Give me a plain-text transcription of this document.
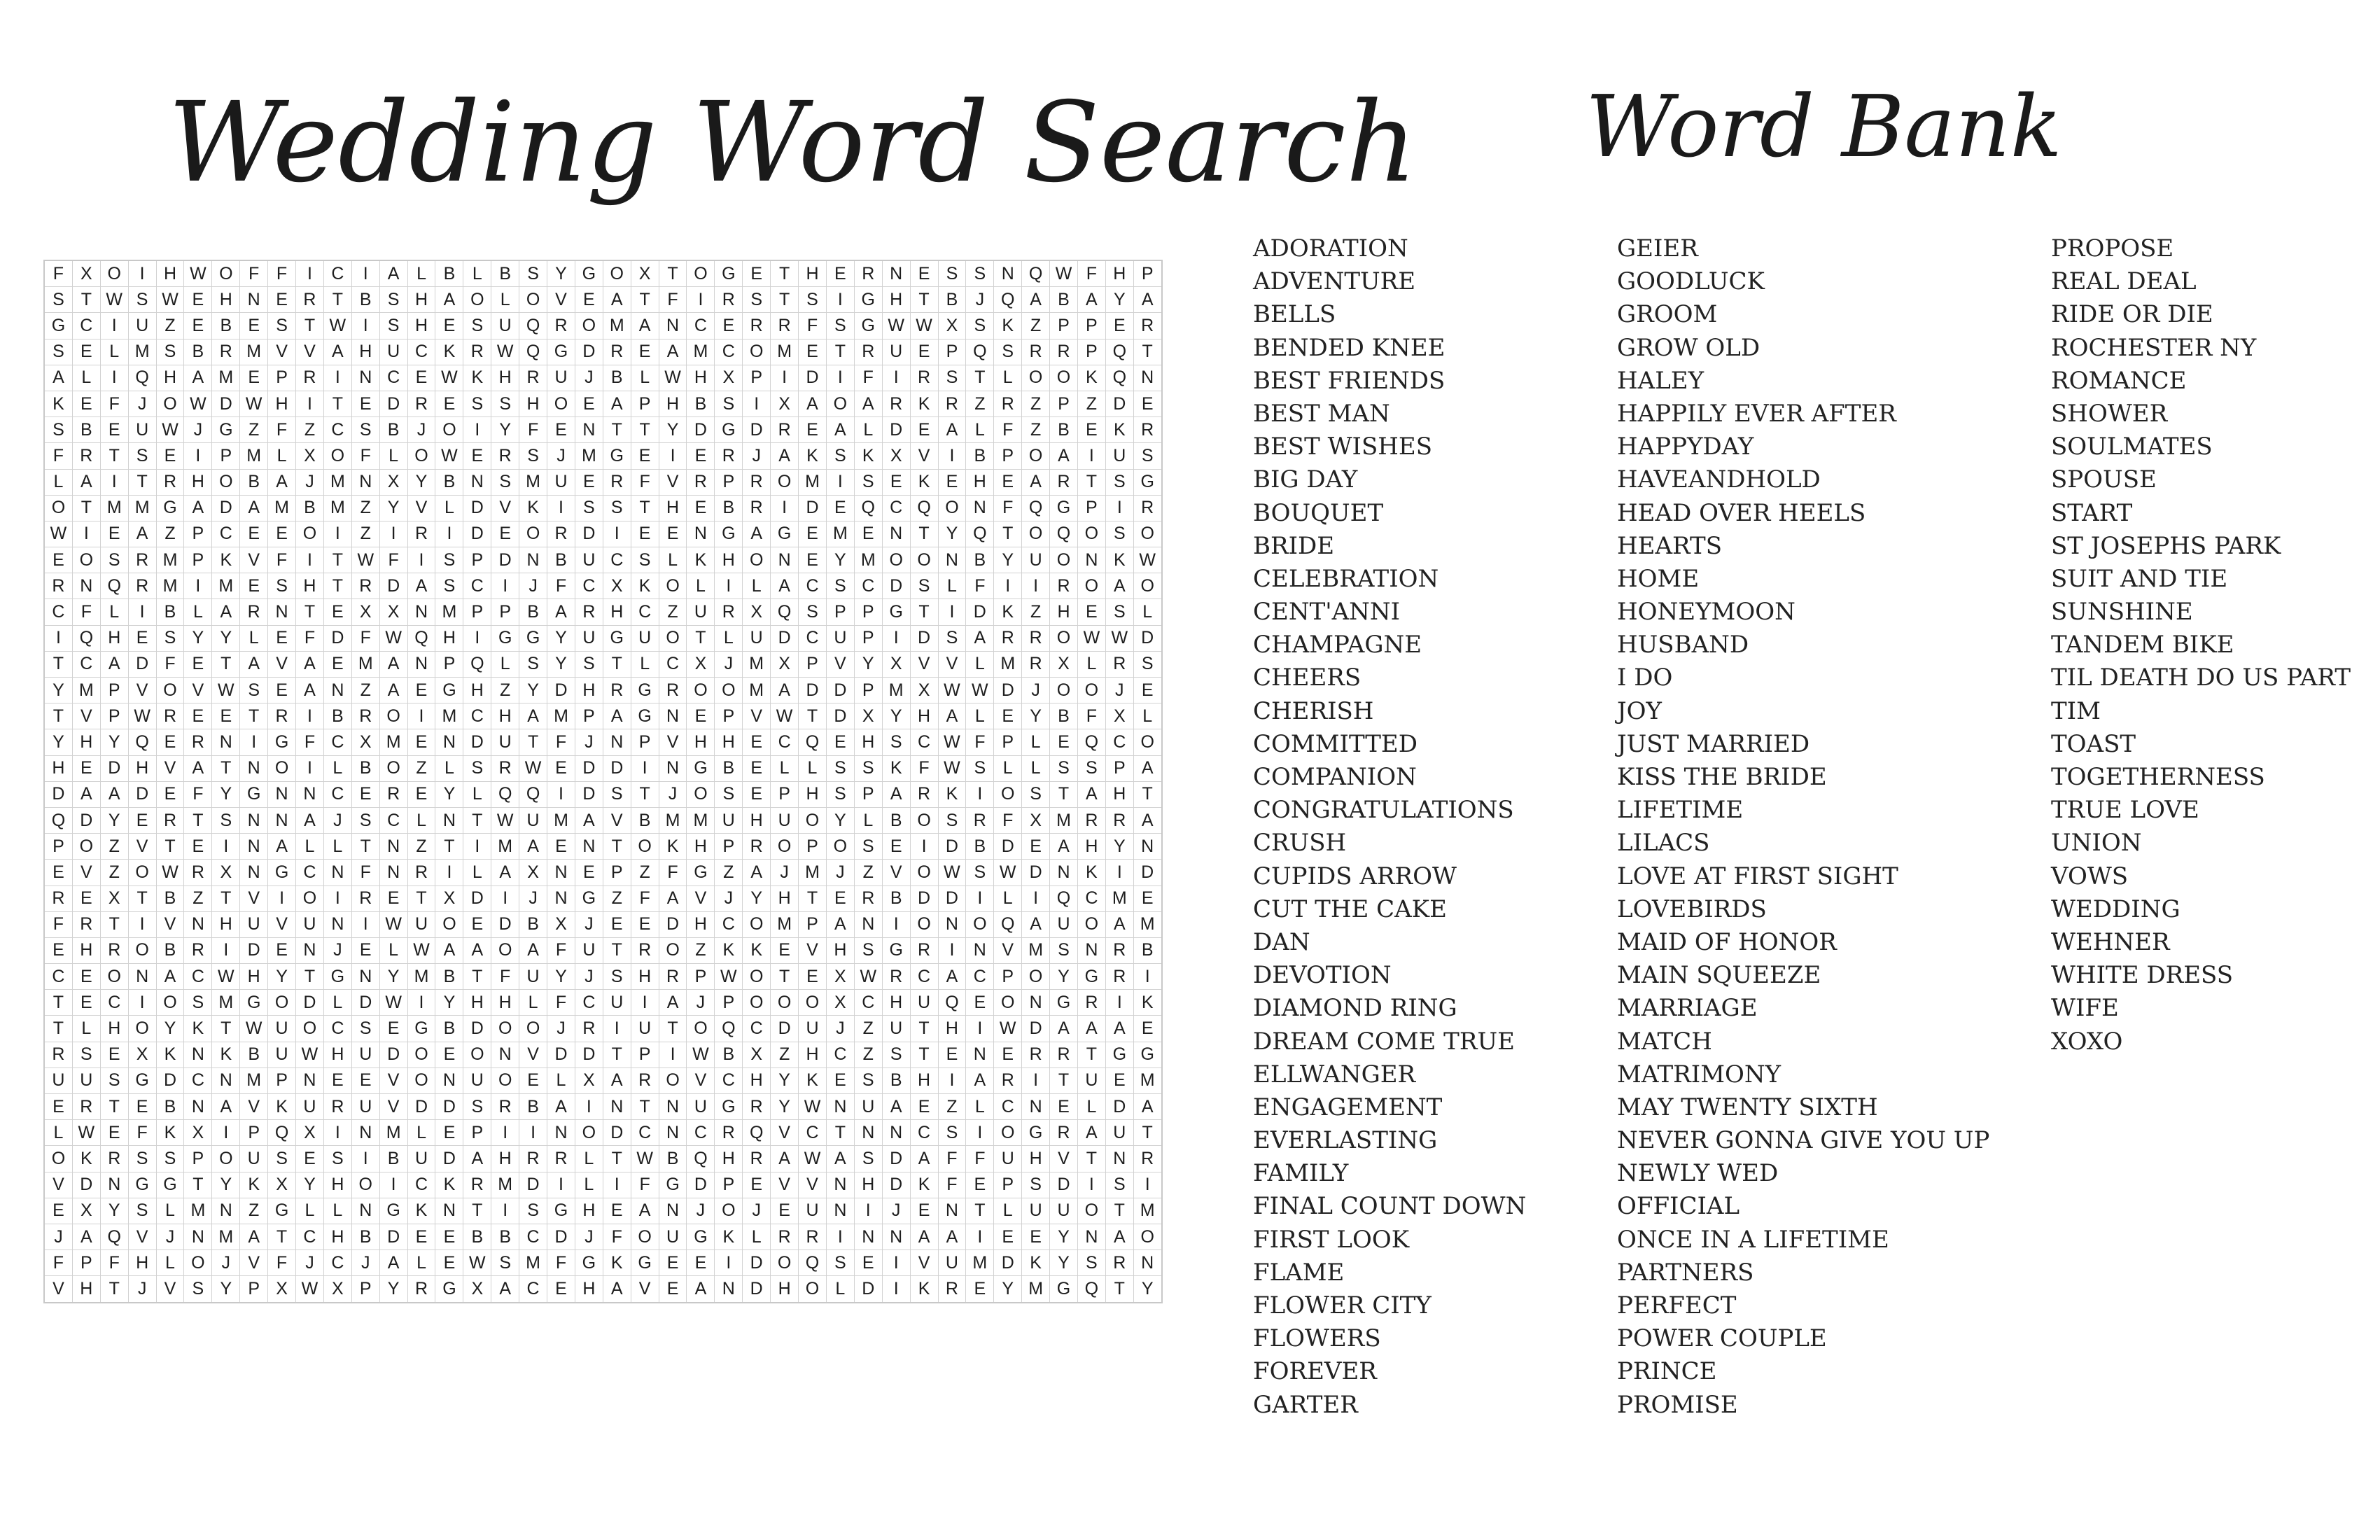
Wedding Word Search Word Bank
F	X	O	I	H	W	O	F	F	I	C	I	A	L	B	L	B	S	Y	G	O	X	T	O	G	E	T	H	E	R	N	E	S	S	N	Q	W	F	H	P
S	T	W	S	W	E	H	N	E	R	T	B	S	H	A	O	L	O	V	E	A	T	F	I	R	S	T	S	I	G	H	T	B	J	Q	A	B	A	Y	A
G	C	I	U	Z	E	B	E	S	T	W	I	S	H	E	S	U	Q	R	O	M	A	N	C	E	R	R	F	S	G	W	W	X	S	K	Z	P	P	E	R
S	E	L	M	S	B	R	M	V	V	A	H	U	C	K	R	W	Q	G	D	R	E	A	M	C	O	M	E	T	R	U	E	P	Q	S	R	R	P	Q	T
A	L	I	Q	H	A	M	E	P	R	I	N	C	E	W	K	H	R	U	J	B	L	W	H	X	P	I	D	I	F	I	R	S	T	L	O	O	K	Q	N
K	E	F	J	O	W	D	W	H	I	T	E	D	R	E	S	S	H	O	E	A	P	H	B	S	I	X	A	O	A	R	K	R	Z	R	Z	P	Z	D	E
S	B	E	U	W	J	G	Z	F	Z	C	S	B	J	O	I	Y	F	E	N	T	T	Y	D	G	D	R	E	A	L	D	E	A	L	F	Z	B	E	K	R
F	R	T	S	E	I	P	M	L	X	O	F	L	O	W	E	R	S	J	M	G	E	I	E	R	J	A	K	S	K	X	V	I	B	P	O	A	I	U	S
L	A	I	T	R	H	O	B	A	J	M	N	X	Y	B	N	S	M	U	E	R	F	V	R	P	R	O	M	I	S	E	K	E	H	E	A	R	T	S	G
O	T	M	M	G	A	D	A	M	B	M	Z	Y	V	L	D	V	K	I	S	S	T	H	E	B	R	I	D	E	Q	C	Q	O	N	F	Q	G	P	I	R
W	I	E	A	Z	P	C	E	E	O	I	Z	I	R	I	D	E	O	R	D	I	E	E	N	G	A	G	E	M	E	N	T	Y	Q	T	O	Q	O	S	O
E	O	S	R	M	P	K	V	F	I	T	W	F	I	S	P	D	N	B	U	C	S	L	K	H	O	N	E	Y	M	O	O	N	B	Y	U	O	N	K	W
R	N	Q	R	M	I	M	E	S	H	T	R	D	A	S	C	I	J	F	C	X	K	O	L	I	L	A	C	S	C	D	S	L	F	I	I	R	O	A	O
C	F	L	I	B	L	A	R	N	T	E	X	X	N	M	P	P	B	A	R	H	C	Z	U	R	X	Q	S	P	P	G	T	I	D	K	Z	H	E	S	L
I	Q	H	E	S	Y	Y	L	E	F	D	F	W	Q	H	I	G	G	Y	U	G	U	O	T	L	U	D	C	U	P	I	D	S	A	R	R	O	W	W	D
T	C	A	D	F	E	T	A	V	A	E	M	A	N	P	Q	L	S	Y	S	T	L	C	X	J	M	X	P	V	Y	X	V	V	L	M	R	X	L	R	S
Y	M	P	V	O	V	W	S	E	A	N	Z	A	E	G	H	Z	Y	D	H	R	G	R	O	O	M	A	D	D	P	M	X	W	W	D	J	O	O	J	E
T	V	P	W	R	E	E	T	R	I	B	R	O	I	M	C	H	A	M	P	A	G	N	E	P	V	W	T	D	X	Y	H	A	L	E	Y	B	F	X	L
Y	H	Y	Q	E	R	N	I	G	F	C	X	M	E	N	D	U	T	F	J	N	P	V	H	H	E	C	Q	E	H	S	C	W	F	P	L	E	Q	C	O
H	E	D	H	V	A	T	N	O	I	L	B	O	Z	L	S	R	W	E	D	D	I	N	G	B	E	L	L	S	S	K	F	W	S	L	L	S	S	P	A
D	A	A	D	E	F	Y	G	N	N	C	E	R	E	Y	L	Q	Q	I	D	S	T	J	O	S	E	P	H	S	P	A	R	K	I	O	S	T	A	H	T
Q	D	Y	E	R	T	S	N	N	A	J	S	C	L	N	T	W	U	M	A	V	B	M	M	U	H	U	O	Y	L	B	O	S	R	F	X	M	R	R	A
P	O	Z	V	T	E	I	N	A	L	L	T	N	Z	T	I	M	A	E	N	T	O	K	H	P	R	O	P	O	S	E	I	D	B	D	E	A	H	Y	N
E	V	Z	O	W	R	X	N	G	C	N	F	N	R	I	L	A	X	N	E	P	Z	F	G	Z	A	J	M	J	Z	V	O	W	S	W	D	N	K	I	D
R	E	X	T	B	Z	T	V	I	O	I	R	E	T	X	D	I	J	N	G	Z	F	A	V	J	Y	H	T	E	R	B	D	D	I	L	I	Q	C	M	E
F	R	T	I	V	N	H	U	V	U	N	I	W	U	O	E	D	B	X	J	E	E	D	H	C	O	M	P	A	N	I	O	N	O	Q	A	U	O	A	M
E	H	R	O	B	R	I	D	E	N	J	E	L	W	A	A	O	A	F	U	T	R	O	Z	K	K	E	V	H	S	G	R	I	N	V	M	S	N	R	B
C	E	O	N	A	C	W	H	Y	T	G	N	Y	M	B	T	F	U	Y	J	S	H	R	P	W	O	T	E	X	W	R	C	A	C	P	O	Y	G	R	I
T	E	C	I	O	S	M	G	O	D	L	D	W	I	Y	H	H	L	F	C	U	I	A	J	P	O	O	O	X	C	H	U	Q	E	O	N	G	R	I	K
T	L	H	O	Y	K	T	W	U	O	C	S	E	G	B	D	O	O	J	R	I	U	T	O	Q	C	D	U	J	Z	U	T	H	I	W	D	A	A	A	E
R	S	E	X	K	N	K	B	U	W	H	U	D	O	E	O	N	V	D	D	T	P	I	W	B	X	Z	H	C	Z	S	T	E	N	E	R	R	T	G	G
U	U	S	G	D	C	N	M	P	N	E	E	V	O	N	U	O	E	L	X	A	R	O	V	C	H	Y	K	E	S	B	H	I	A	R	I	T	U	E	M
E	R	T	E	B	N	A	V	K	U	R	U	V	D	D	S	R	B	A	I	N	T	N	U	G	R	Y	W	N	U	A	E	Z	L	C	N	E	L	D	A
L	W	E	F	K	X	I	P	Q	X	I	N	M	L	E	P	I	I	N	O	D	C	N	C	R	Q	V	C	T	N	N	C	S	I	O	G	R	A	U	T
O	K	R	S	S	P	O	U	S	E	S	I	B	U	D	A	H	R	R	L	T	W	B	Q	H	R	A	W	A	S	D	A	F	F	U	H	V	T	N	R
V	D	N	G	G	T	Y	K	X	Y	H	O	I	C	K	R	M	D	I	L	I	F	G	D	P	E	V	V	N	H	D	K	F	E	P	S	D	I	S	I
E	X	Y	S	L	M	N	Z	G	L	L	N	G	K	N	T	I	S	G	H	E	A	N	J	O	J	E	U	N	I	J	E	N	T	L	U	U	O	T	M
J	A	Q	V	J	N	M	A	T	C	H	B	D	E	E	B	B	C	D	J	F	O	U	G	K	L	R	R	I	N	N	A	A	I	E	E	Y	N	A	O
F	P	F	H	L	O	J	V	F	J	C	J	A	L	E	W	S	M	F	G	K	G	E	E	I	D	O	Q	S	E	I	V	U	M	D	K	Y	S	R	N
V	H	T	J	V	S	Y	P	X	W	X	P	Y	R	G	X	A	C	E	H	A	V	E	A	N	D	H	O	L	D	I	K	R	E	Y	M	G	Q	T	Y
ADORATION
ADVENTURE
BELLS
BENDED KNEE
BEST FRIENDS
BEST MAN
BEST WISHES
BIG DAY
BOUQUET
BRIDE
CELEBRATION
CENT'ANNI
CHAMPAGNE
CHEERS
CHERISH
COMMITTED
COMPANION
CONGRATULATIONS
CRUSH
CUPIDS ARROW
CUT THE CAKE
DAN
DEVOTION
DIAMOND RING
DREAM COME TRUE
ELLWANGER
ENGAGEMENT
EVERLASTING
FAMILY
FINAL COUNT DOWN
FIRST LOOK
FLAME
FLOWER CITY
FLOWERS
FOREVER
GARTER
GEIER
GOODLUCK
GROOM
GROW OLD
HALEY
HAPPILY EVER AFTER
HAPPYDAY
HAVEANDHOLD
HEAD OVER HEELS
HEARTS
HOME
HONEYMOON
HUSBAND
I DO
JOY
JUST MARRIED
KISS THE BRIDE
LIFETIME
LILACS
LOVE AT FIRST SIGHT
LOVEBIRDS
MAID OF HONOR
MAIN SQUEEZE
MARRIAGE
MATCH
MATRIMONY
MAY TWENTY SIXTH
NEVER GONNA GIVE YOU UP
NEWLY WED
OFFICIAL
ONCE IN A LIFETIME
PARTNERS
PERFECT
POWER COUPLE
PRINCE
PROMISE
PROPOSE
REAL DEAL
RIDE OR DIE
ROCHESTER NY
ROMANCE
SHOWER
SOULMATES
SPOUSE
START
ST JOSEPHS PARK
SUIT AND TIE
SUNSHINE
TANDEM BIKE
TIL DEATH DO US PART
TIM
TOAST
TOGETHERNESS
TRUE LOVE
UNION
VOWS
WEDDING
WEHNER
WHITE DRESS
WIFE
XOXO
